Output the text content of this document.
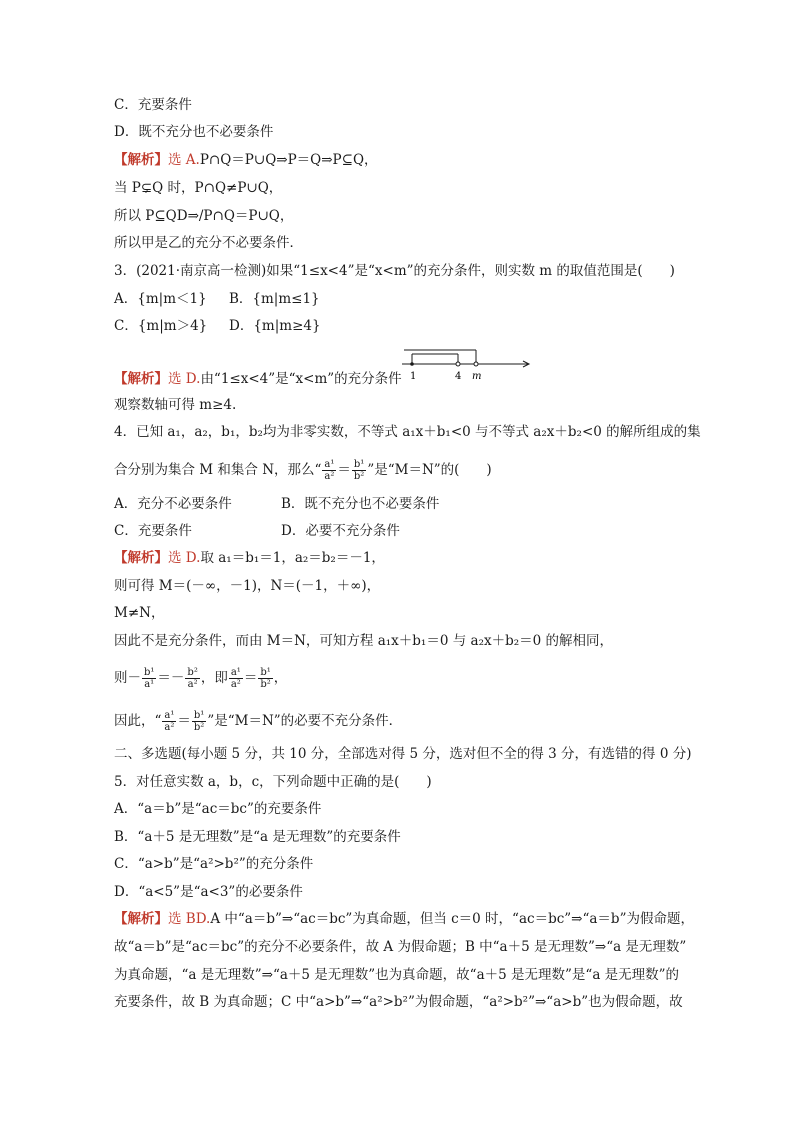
C．充要条件
D．既不充分也不必要条件
【解析】选 A.P∩Q＝P∪Q⇒P＝Q⇒P⊆Q，
当 P⊊Q 时，P∩Q≠P∪Q，
所以 P⊆QD⇒/P∩Q＝P∪Q，
所以甲是乙的充分不必要条件．
3．(2021·南京高一检测)如果“1≤x<4”是“x<m”的充分条件，则实数 m 的取值范围是(　　)
A．{m|m＜1} B．{m|m≤1}
C．{m|m＞4} D．{m|m≥4}
【解析】选 D.由“1≤x<4”是“x<m”的充分条件 1	4 m
观察数轴可得 m≥4.
4．已知 a₁，a₂，b₁，b₂均为非零实数，不等式 a₁x＋b₁<0 与不等式 a₂x＋b₂<0 的解所组成的集
合分别为集合 M 和集合 N，那么“ $\frac{\text{a¹}}{\text{a²}} = \frac{\text{b¹}}{\text{b²}}$ ”是“M＝N”的(　　)
A．充分不必要条件	B．既不充分也不必要条件
C．充要条件	D．必要不充分条件
【解析】选 D.取 a₁＝b₁＝1，a₂＝b₂＝－1，
则可得 M＝(－∞，－1)，N＝(－1，＋∞)，
M≠N，
因此不是充分条件，而由 M＝N，可知方程 a₁x＋b₁＝0 与 a₂x＋b₂＝0 的解相同，
则－ $\frac{\text{b¹}}{\text{a¹}} =- \frac{\text{b²}}{\text{a²}}$ ，即 $\frac{\text{a¹}}{\text{a²}} = \frac{\text{b¹}}{\text{b²}}$ ，
因此，“ $\frac{\text{a¹}}{\text{a²}} = \frac{\text{b¹}}{\text{b²}}$ ”是“M＝N”的必要不充分条件．
二、多选题(每小题 5 分，共 10 分，全部选对得 5 分，选对但不全的得 3 分，有选错的得 0 分)
5．对任意实数 a，b，c，下列命题中正确的是(　　)
A．“a＝b”是“ac＝bc”的充要条件
B．“a＋5 是无理数”是“a 是无理数”的充要条件
C．“a>b”是“a²>b²”的充分条件
D．“a<5”是“a<3”的必要条件
【解析】选 BD.A 中“a＝b”⇒“ac＝bc”为真命题，但当 c＝0 时，“ac＝bc”⇒“a＝b”为假命题，
故“a＝b”是“ac＝bc”的充分不必要条件，故 A 为假命题；B 中“a＋5 是无理数”⇒“a 是无理数”
为真命题，“a 是无理数”⇒“a＋5 是无理数”也为真命题，故“a＋5 是无理数”是“a 是无理数”的
充要条件，故 B 为真命题；C 中“a>b”⇒“a²>b²”为假命题，“a²>b²”⇒“a>b”也为假命题，故
